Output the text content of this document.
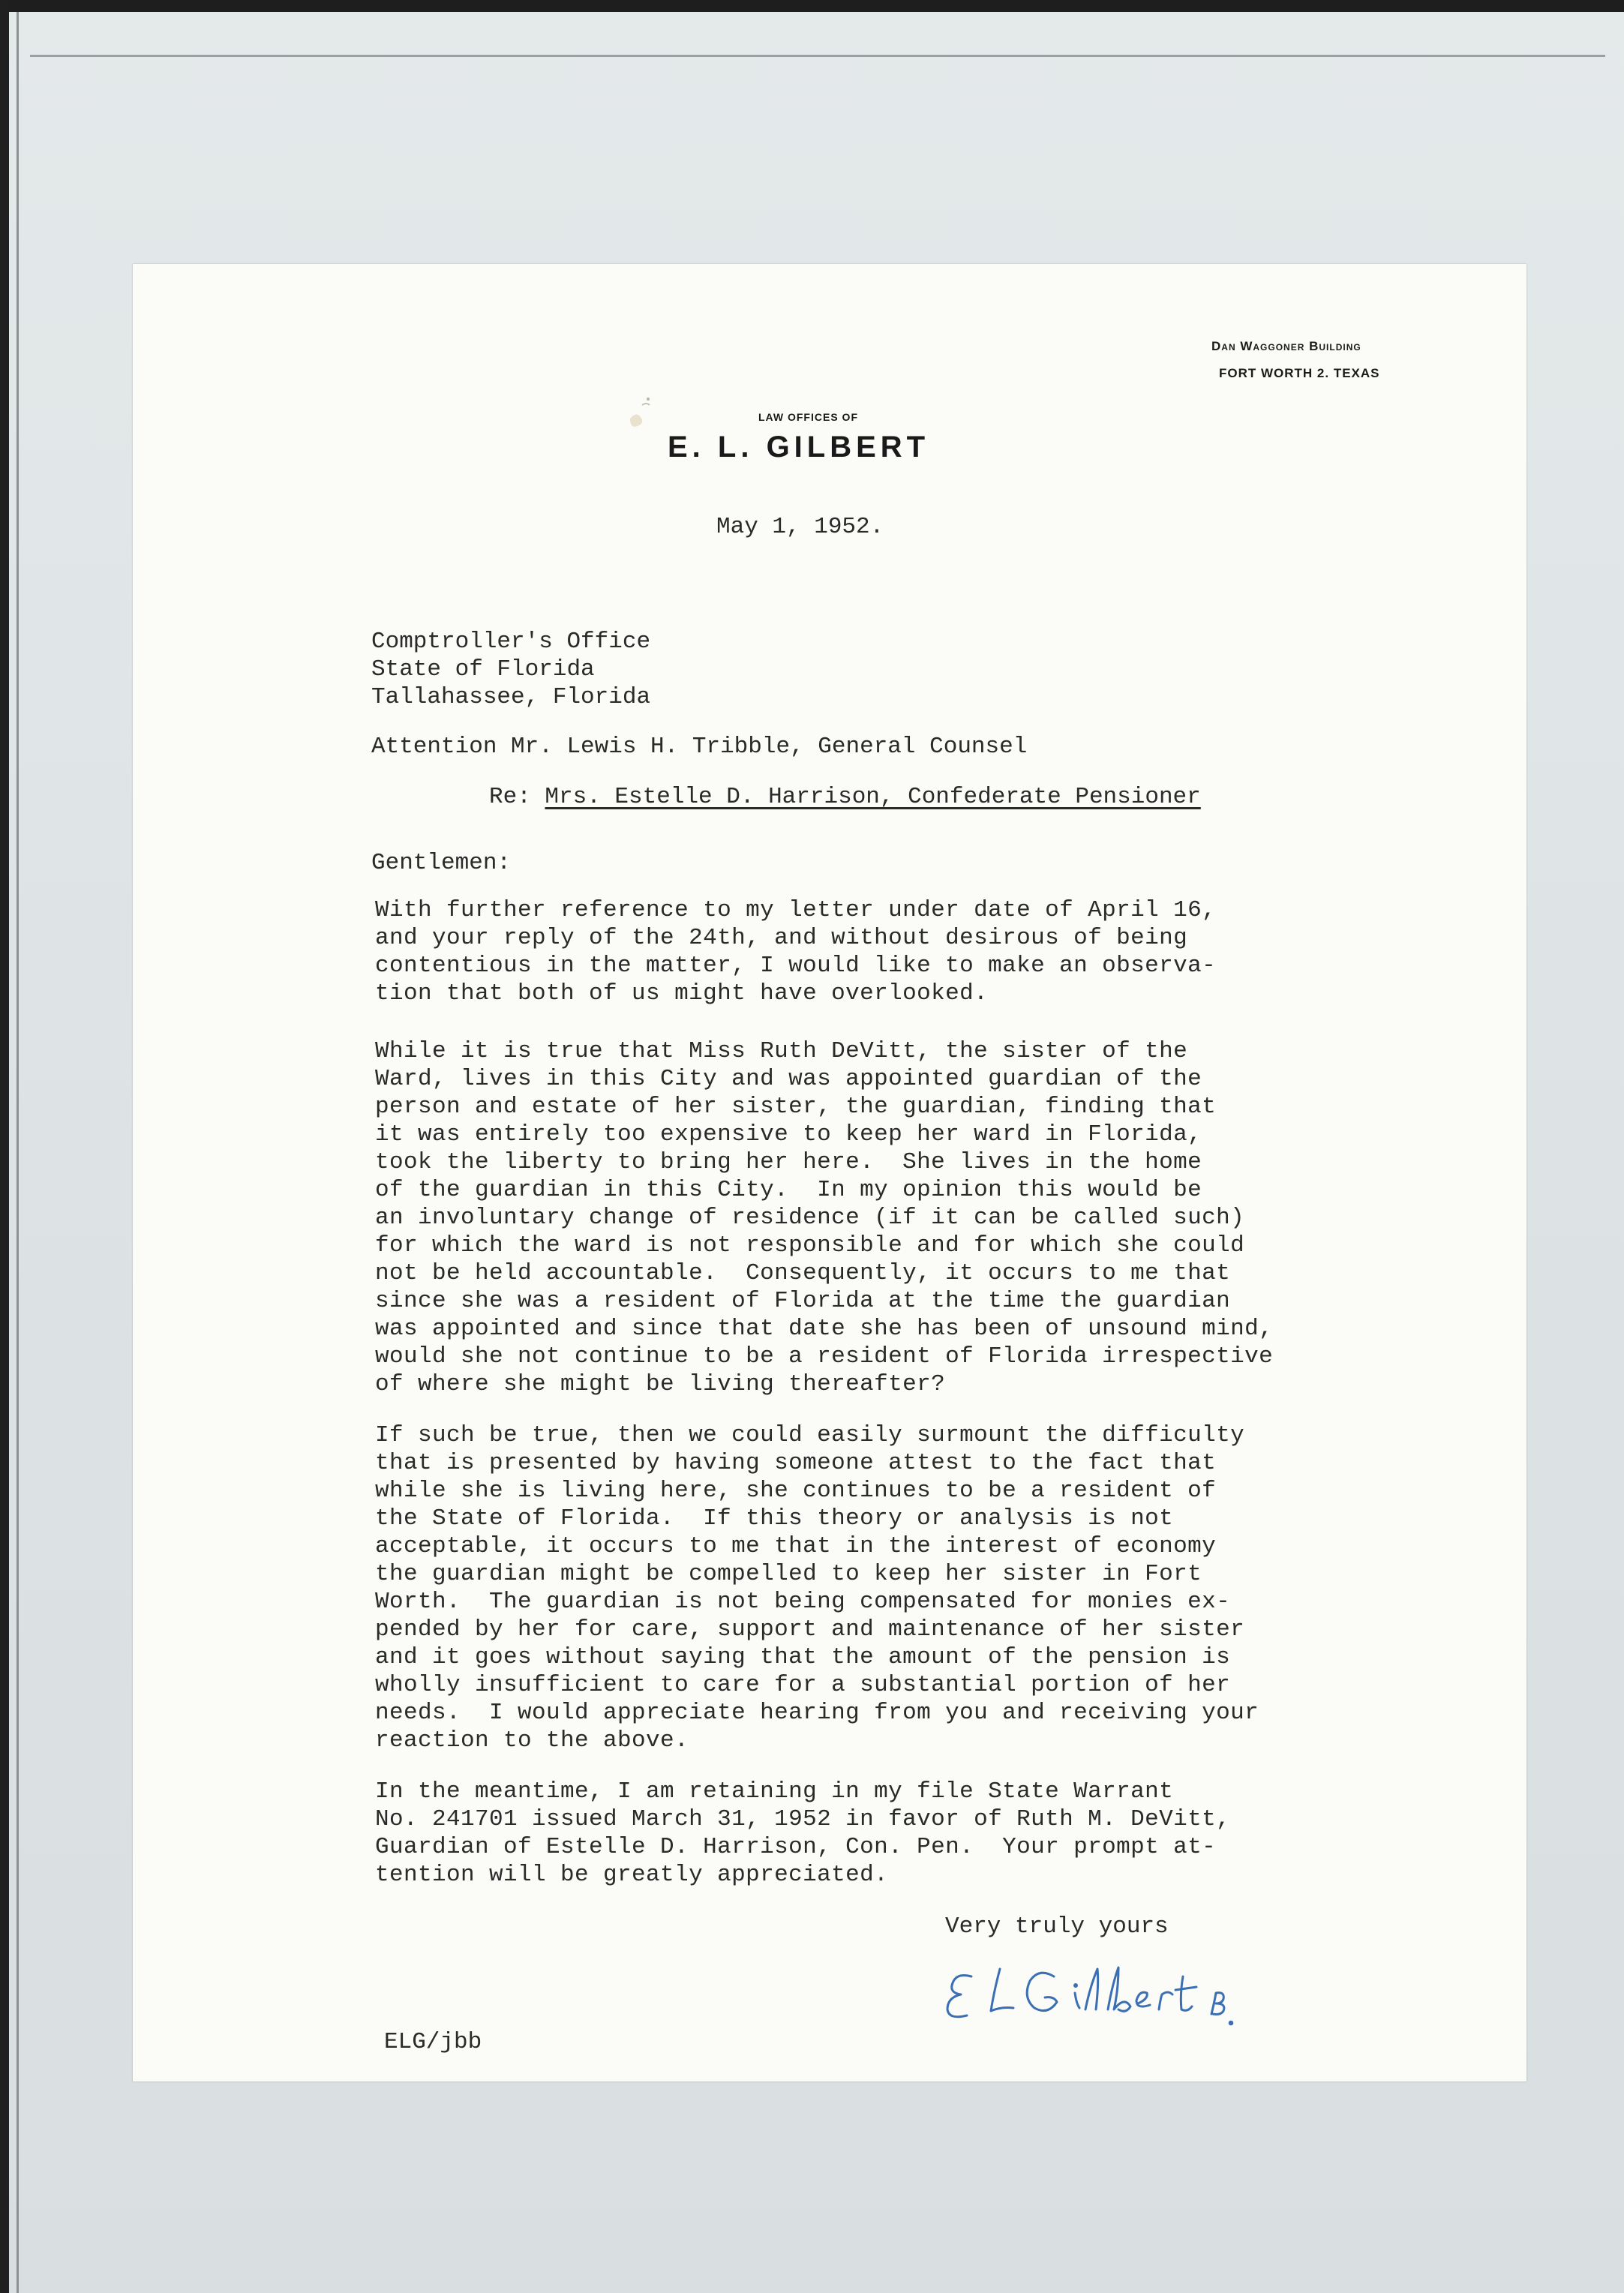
Dan Waggoner Building

FORT WORTH 2. TEXAS

LAW OFFICES OF

E. L. GILBERT

May 1, 1952.

Comptroller's Office
State of Florida
Tallahassee, Florida

Attention Mr. Lewis H. Tribble, General Counsel

Re: Mrs. Estelle D. Harrison, Confederate Pensioner

Gentlemen:

With further reference to my letter under date of April 16,
and your reply of the 24th, and without desirous of being
contentious in the matter, I would like to make an observa-
tion that both of us might have overlooked.

While it is true that Miss Ruth DeVitt, the sister of the
Ward, lives in this City and was appointed guardian of the
person and estate of her sister, the guardian, finding that
it was entirely too expensive to keep her ward in Florida,
took the liberty to bring her here.  She lives in the home
of the guardian in this City.  In my opinion this would be
an involuntary change of residence (if it can be called such)
for which the ward is not responsible and for which she could
not be held accountable.  Consequently, it occurs to me that
since she was a resident of Florida at the time the guardian
was appointed and since that date she has been of unsound mind,
would she not continue to be a resident of Florida irrespective
of where she might be living thereafter?

If such be true, then we could easily surmount the difficulty
that is presented by having someone attest to the fact that
while she is living here, she continues to be a resident of
the State of Florida.  If this theory or analysis is not
acceptable, it occurs to me that in the interest of economy
the guardian might be compelled to keep her sister in Fort
Worth.  The guardian is not being compensated for monies ex-
pended by her for care, support and maintenance of her sister
and it goes without saying that the amount of the pension is
wholly insufficient to care for a substantial portion of her
needs.  I would appreciate hearing from you and receiving your
reaction to the above.

In the meantime, I am retaining in my file State Warrant
No. 241701 issued March 31, 1952 in favor of Ruth M. DeVitt,
Guardian of Estelle D. Harrison, Con. Pen.  Your prompt at-
tention will be greatly appreciated.

Very truly yours

ELG/jbb
